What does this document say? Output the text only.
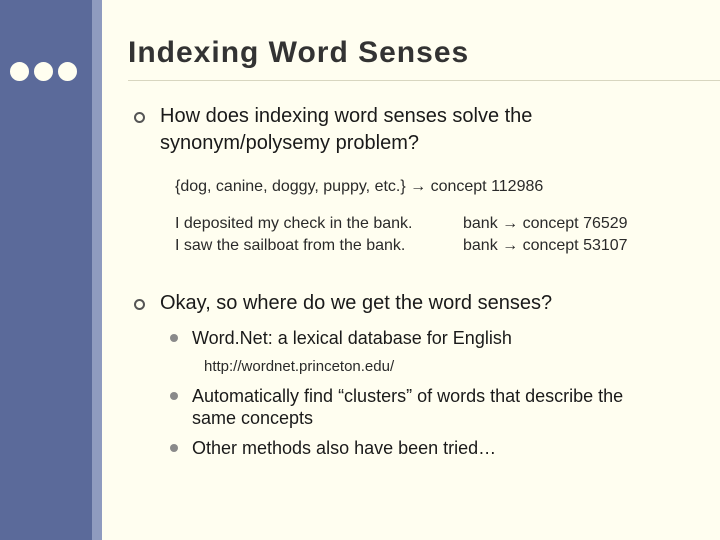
Indexing Word Senses
How does indexing word senses solve the
synonym/polysemy problem?
{dog, canine, doggy, puppy, etc.} → concept 112986
I deposited my check in the bank.	bank → concept 76529
I saw the sailboat from the bank.	bank → concept 53107
Okay, so where do we get the word senses?
Word.Net: a lexical database for English
http://wordnet.princeton.edu/
Automatically find “clusters” of words that describe the
same concepts
Other methods also have been tried…
